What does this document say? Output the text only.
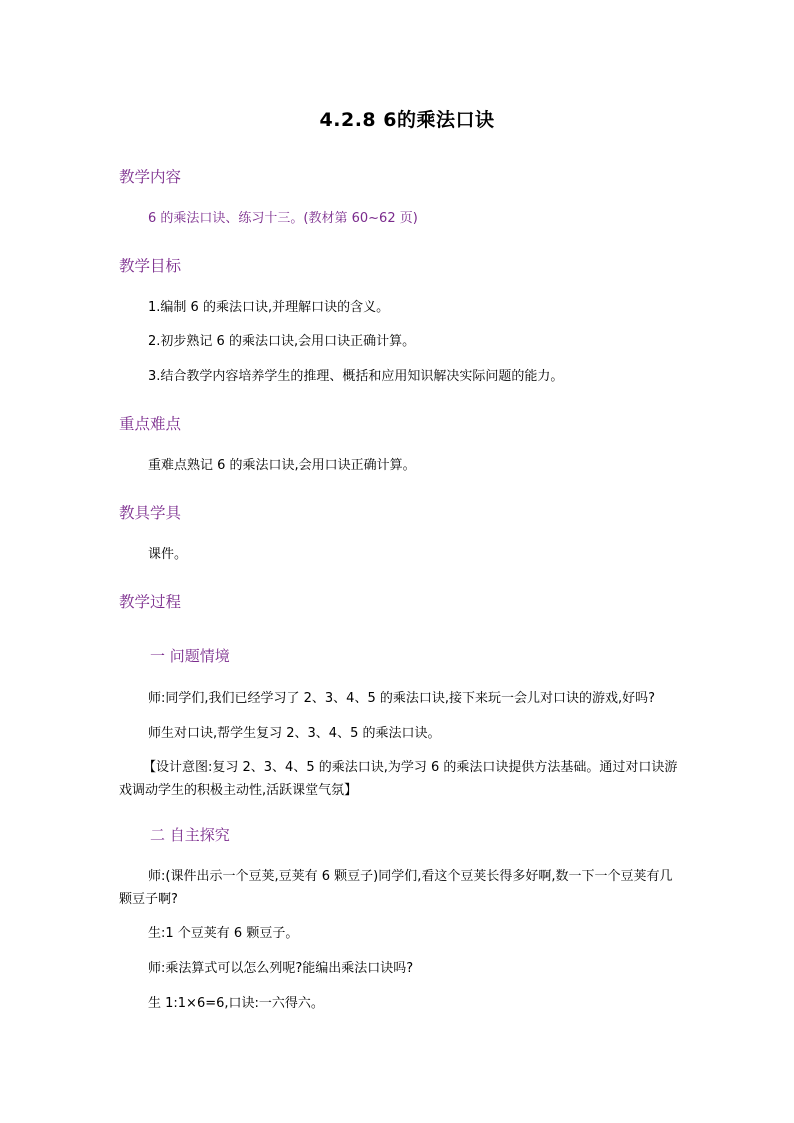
4.2.8 6的乘法口诀
教学内容
6 的乘法口诀、练习十三。(教材第 60~62 页)
教学目标
1.编制 6 的乘法口诀,并理解口诀的含义。
2.初步熟记 6 的乘法口诀,会用口诀正确计算。
3.结合教学内容培养学生的推理、概括和应用知识解决实际问题的能力。
重点难点
重难点熟记 6 的乘法口诀,会用口诀正确计算。
教具学具
课件。
教学过程
一 问题情境
师:同学们,我们已经学习了 2、3、4、5 的乘法口诀,接下来玩一会儿对口诀的游戏,好吗?
师生对口诀,帮学生复习 2、3、4、5 的乘法口诀。
【设计意图:复习 2、3、4、5 的乘法口诀,为学习 6 的乘法口诀提供方法基础。通过对口诀游戏调动学生的积极主动性,活跃课堂气氛】
二 自主探究
师:(课件出示一个豆荚,豆荚有 6 颗豆子)同学们,看这个豆荚长得多好啊,数一下一个豆荚有几颗豆子啊?
生:1 个豆荚有 6 颗豆子。
师:乘法算式可以怎么列呢?能编出乘法口诀吗?
生 1:1×6=6,口诀:一六得六。
